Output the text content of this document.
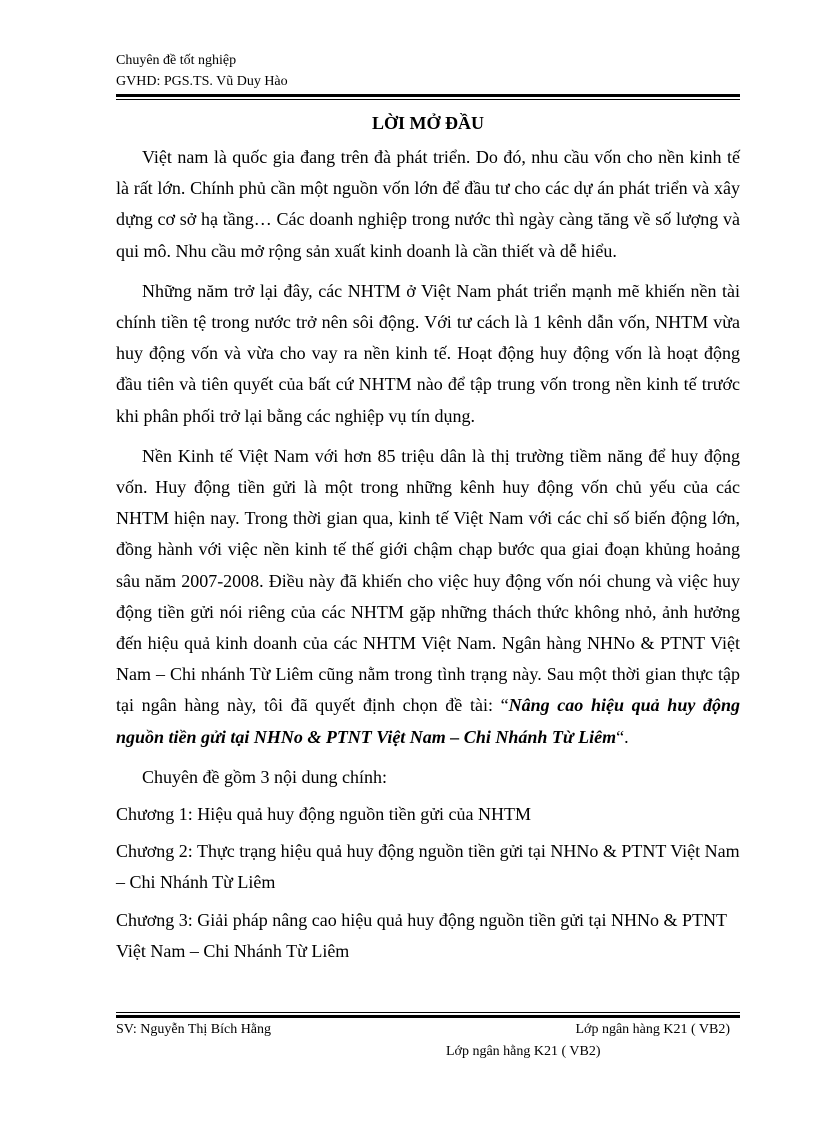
Chuyên đề tốt nghiệp
GVHD: PGS.TS. Vũ Duy Hào
LỜI MỞ ĐẦU

Việt nam là quốc gia đang trên đà phát triển. Do đó, nhu cầu vốn cho nền kinh tế là rất lớn. Chính phủ cần một nguồn vốn lớn để đầu tư cho các dự án phát triển và xây dựng cơ sở hạ tầng… Các doanh nghiệp trong nước thì ngày càng tăng về số lượng và qui mô. Nhu cầu mở rộng sản xuất kinh doanh là cần thiết và dễ hiểu.

Những năm trở lại đây, các NHTM ở Việt Nam phát triển mạnh mẽ khiến nền tài chính tiền tệ trong nước trở nên sôi động. Với tư cách là 1 kênh dẫn vốn, NHTM vừa huy động vốn và vừa cho vay ra nền kinh tế. Hoạt động huy động vốn là hoạt động đầu tiên và tiên quyết của bất cứ NHTM nào để tập trung vốn trong nền kinh tế trước khi phân phối trở lại bằng các nghiệp vụ tín dụng.

Nền Kinh tế Việt Nam với hơn 85 triệu dân là thị trường tiềm năng để huy động vốn. Huy động tiền gửi là một trong những kênh huy động vốn chủ yếu của các NHTM hiện nay. Trong thời gian qua, kinh tế Việt Nam với các chỉ số biến động lớn, đồng hành với việc nền kinh tế thế giới chậm chạp bước qua giai đoạn khủng hoảng sâu năm 2007-2008. Điều này đã khiến cho việc huy động vốn nói chung và việc huy động tiền gửi nói riêng của các NHTM gặp những thách thức không nhỏ, ảnh hưởng đến hiệu quả kinh doanh của các NHTM Việt Nam. Ngân hàng NHNo & PTNT Việt Nam – Chi nhánh Từ Liêm cũng nằm trong tình trạng này. Sau một thời gian thực tập tại ngân hàng này, tôi đã quyết định chọn đề tài: “Nâng cao hiệu quả huy động nguồn tiền gửi tại NHNo & PTNT Việt Nam – Chi Nhánh Từ Liêm“.

Chuyên đề gồm 3 nội dung chính:

Chương 1: Hiệu quả huy động nguồn tiền gửi của NHTM

Chương 2: Thực trạng hiệu quả huy động nguồn tiền gửi tại NHNo & PTNT Việt Nam – Chi Nhánh Từ Liêm

Chương 3: Giải pháp nâng cao hiệu quả huy động nguồn tiền gửi tại NHNo & PTNT Việt Nam – Chi Nhánh Từ Liêm

SV: Nguyễn Thị Bích Hằng	Lớp ngân hàng K21 ( VB2)
Lớp ngân hằng K21 ( VB2)
